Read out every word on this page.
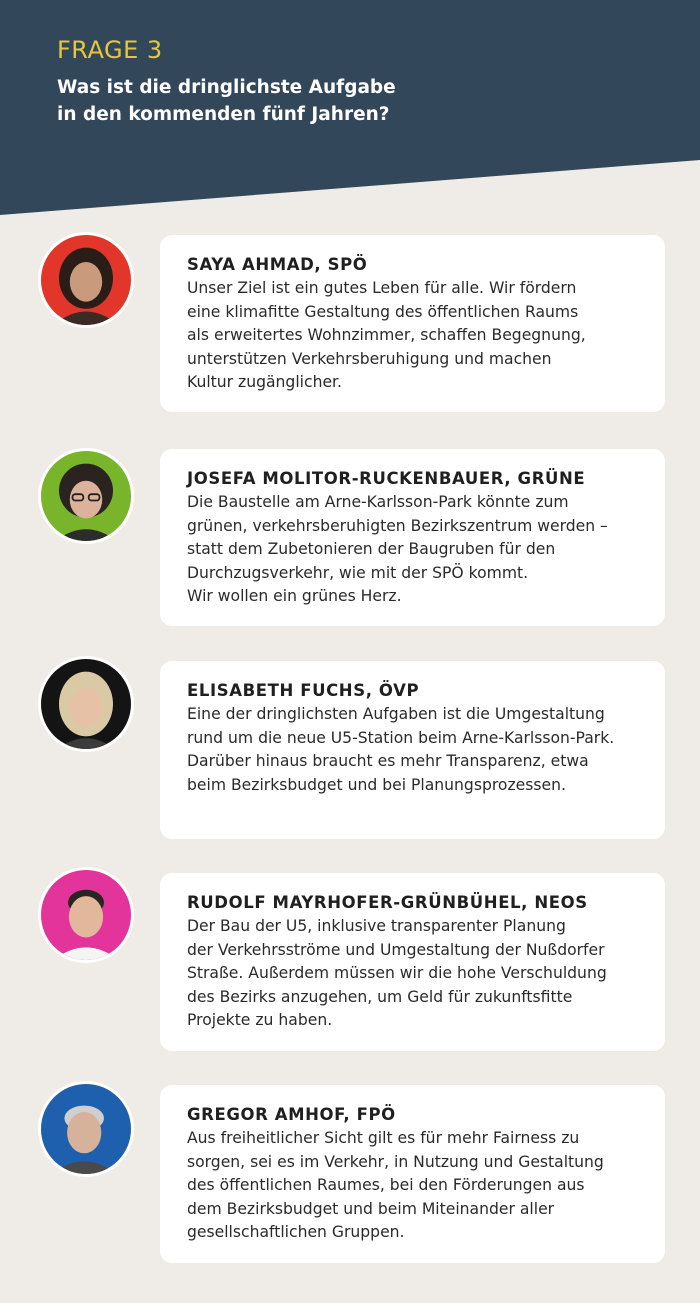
FRAGE 3
Was ist die dringlichste Aufgabe
in den kommenden fünf Jahren?
SAYA AHMAD, SPÖ
Unser Ziel ist ein gutes Leben für alle. Wir fördern
eine klimafitte Gestaltung des öffentlichen Raums
als erweitertes Wohnzimmer, schaffen Begegnung,
unterstützen Verkehrsberuhigung und machen
Kultur zugänglicher.
JOSEFA MOLITOR-RUCKENBAUER, GRÜNE
Die Baustelle am Arne-Karlsson-Park könnte zum
grünen, verkehrsberuhigten Bezirkszentrum werden –
statt dem Zubetonieren der Baugruben für den
Durchzugsverkehr, wie mit der SPÖ kommt.
Wir wollen ein grünes Herz.
ELISABETH FUCHS, ÖVP
Eine der dringlichsten Aufgaben ist die Umgestaltung
rund um die neue U5-Station beim Arne-Karlsson-Park.
Darüber hinaus braucht es mehr Transparenz, etwa
beim Bezirksbudget und bei Planungsprozessen.
RUDOLF MAYRHOFER-GRÜNBÜHEL, NEOS
Der Bau der U5, inklusive transparenter Planung
der Verkehrsströme und Umgestaltung der Nußdorfer
Straße. Außerdem müssen wir die hohe Verschuldung
des Bezirks anzugehen, um Geld für zukunftsfitte
Projekte zu haben.
GREGOR AMHOF, FPÖ
Aus freiheitlicher Sicht gilt es für mehr Fairness zu
sorgen, sei es im Verkehr, in Nutzung und Gestaltung
des öffentlichen Raumes, bei den Förderungen aus
dem Bezirksbudget und beim Miteinander aller
gesellschaftlichen Gruppen.
